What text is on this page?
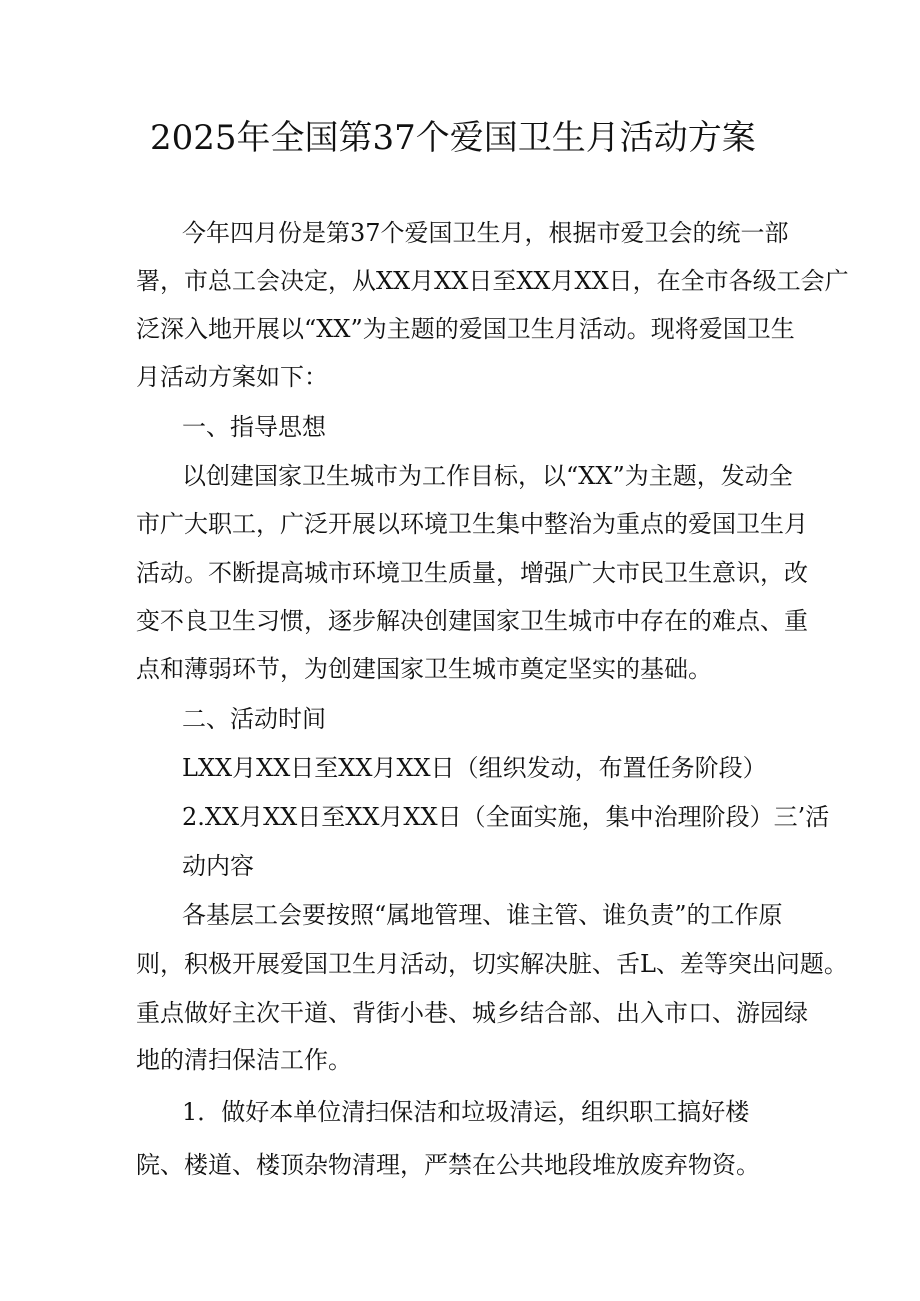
2025年全国第37个爱国卫生月活动方案
今年四月份是第37个爱国卫生月，根据市爱卫会的统一部
署，市总工会决定，从XX月XX日至XX月XX日，在全市各级工会广
泛深入地开展以“XX”为主题的爱国卫生月活动。现将爱国卫生
月活动方案如下：
一、指导思想
以创建国家卫生城市为工作目标，以“XX”为主题，发动全
市广大职工，广泛开展以环境卫生集中整治为重点的爱国卫生月
活动。不断提高城市环境卫生质量，增强广大市民卫生意识，改
变不良卫生习惯，逐步解决创建国家卫生城市中存在的难点、重
点和薄弱环节，为创建国家卫生城市奠定坚实的基础。
二、活动时间
LXX月XX日至XX月XX日（组织发动，布置任务阶段）
2.XX月XX日至XX月XX日（全面实施，集中治理阶段）三’活
动内容
各基层工会要按照“属地管理、谁主管、谁负责”的工作原
则，积极开展爱国卫生月活动，切实解决脏、舌L、差等突出问题。
重点做好主次干道、背街小巷、城乡结合部、出入市口、游园绿
地的清扫保洁工作。
1．做好本单位清扫保洁和垃圾清运，组织职工搞好楼
院、楼道、楼顶杂物清理，严禁在公共地段堆放废弃物资。
